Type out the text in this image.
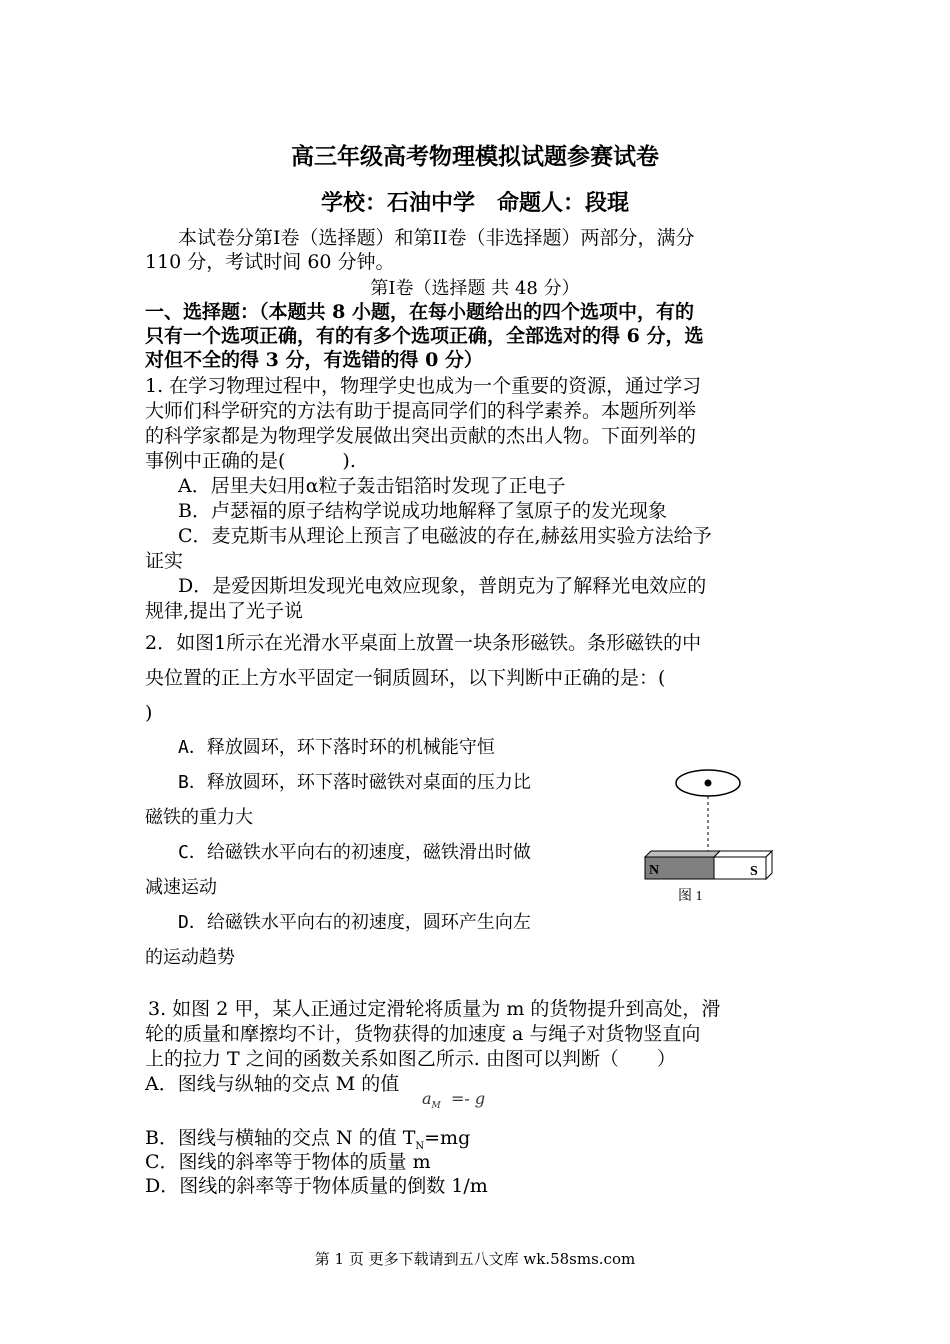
高三年级高考物理模拟试题参赛试卷
学校：石油中学　命题人：段琨
本试卷分第I卷（选择题）和第II卷（非选择题）两部分，满分
110 分，考试时间 60 分钟。
第I卷（选择题 共 48 分）
一、选择题：（本题共 8 小题，在每小题给出的四个选项中，有的
只有一个选项正确，有的有多个选项正确，全部选对的得 6 分，选
对但不全的得 3 分，有选错的得 0 分）
1. 在学习物理过程中，物理学史也成为一个重要的资源，通过学习
大师们科学研究的方法有助于提高同学们的科学素养。本题所列举
的科学家都是为物理学发展做出突出贡献的杰出人物。下面列举的
事例中正确的是(　　　).
A．居里夫妇用α粒子轰击铝箔时发现了正电子
B．卢瑟福的原子结构学说成功地解释了氢原子的发光现象
C．麦克斯韦从理论上预言了电磁波的存在,赫兹用实验方法给予
证实
D．是爱因斯坦发现光电效应现象，普朗克为了解释光电效应的
规律,提出了光子说
2．如图1所示在光滑水平桌面上放置一块条形磁铁。条形磁铁的中
央位置的正上方水平固定一铜质圆环，以下判断中正确的是：(
)
A．释放圆环，环下落时环的机械能守恒
B．释放圆环，环下落时磁铁对桌面的压力比
磁铁的重力大
C．给磁铁水平向右的初速度，磁铁滑出时做
减速运动
D．给磁铁水平向右的初速度，圆环产生向左
的运动趋势
N	S
图 1
3. 如图 2 甲，某人正通过定滑轮将质量为 m 的货物提升到高处，滑
轮的质量和摩擦均不计，货物获得的加速度 a 与绳子对货物竖直向
上的拉力 T 之间的函数关系如图乙所示. 由图可以判断（　　）
A．图线与纵轴的交点 M 的值
$a_M =- g$
B．图线与横轴的交点 N 的值 $T_N=mg$
C．图线的斜率等于物体的质量 m
D．图线的斜率等于物体质量的倒数 1/m
第 1 页 更多下载请到五八文库 wk.58sms.com
